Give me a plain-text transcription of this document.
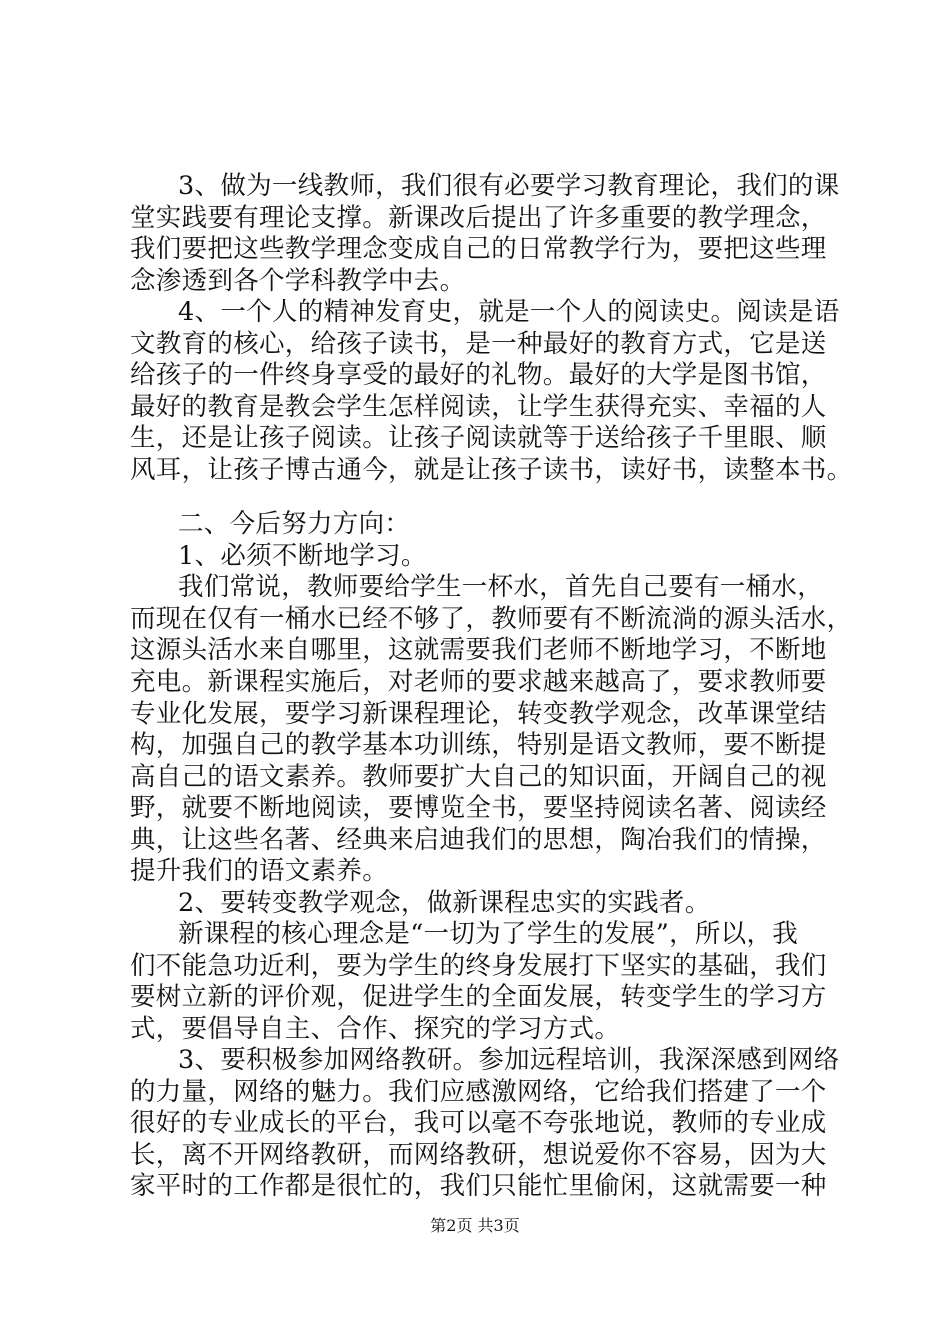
3、做为一线教师，我们很有必要学习教育理论，我们的课
堂实践要有理论支撑。新课改后提出了许多重要的教学理念，
我们要把这些教学理念变成自己的日常教学行为，要把这些理
念渗透到各个学科教学中去。
4、一个人的精神发育史，就是一个人的阅读史。阅读是语
文教育的核心，给孩子读书，是一种最好的教育方式，它是送
给孩子的一件终身享受的最好的礼物。最好的大学是图书馆，
最好的教育是教会学生怎样阅读，让学生获得充实、幸福的人
生，还是让孩子阅读。让孩子阅读就等于送给孩子千里眼、顺
风耳，让孩子博古通今，就是让孩子读书，读好书，读整本书。
二、今后努力方向：
1、必须不断地学习。
我们常说，教师要给学生一杯水，首先自己要有一桶水，
而现在仅有一桶水已经不够了，教师要有不断流淌的源头活水，
这源头活水来自哪里，这就需要我们老师不断地学习，不断地
充电。新课程实施后，对老师的要求越来越高了，要求教师要
专业化发展，要学习新课程理论，转变教学观念，改革课堂结
构，加强自己的教学基本功训练，特别是语文教师，要不断提
高自己的语文素养。教师要扩大自己的知识面，开阔自己的视
野，就要不断地阅读，要博览全书，要坚持阅读名著、阅读经
典，让这些名著、经典来启迪我们的思想，陶冶我们的情操，
提升我们的语文素养。
2、要转变教学观念，做新课程忠实的实践者。
新课程的核心理念是“一切为了学生的发展”，所以，我
们不能急功近利，要为学生的终身发展打下坚实的基础，我们
要树立新的评价观，促进学生的全面发展，转变学生的学习方
式，要倡导自主、合作、探究的学习方式。
3、要积极参加网络教研。参加远程培训，我深深感到网络
的力量，网络的魅力。我们应感激网络，它给我们搭建了一个
很好的专业成长的平台，我可以毫不夸张地说，教师的专业成
长，离不开网络教研，而网络教研，想说爱你不容易，因为大
家平时的工作都是很忙的，我们只能忙里偷闲，这就需要一种
第2页 共3页
